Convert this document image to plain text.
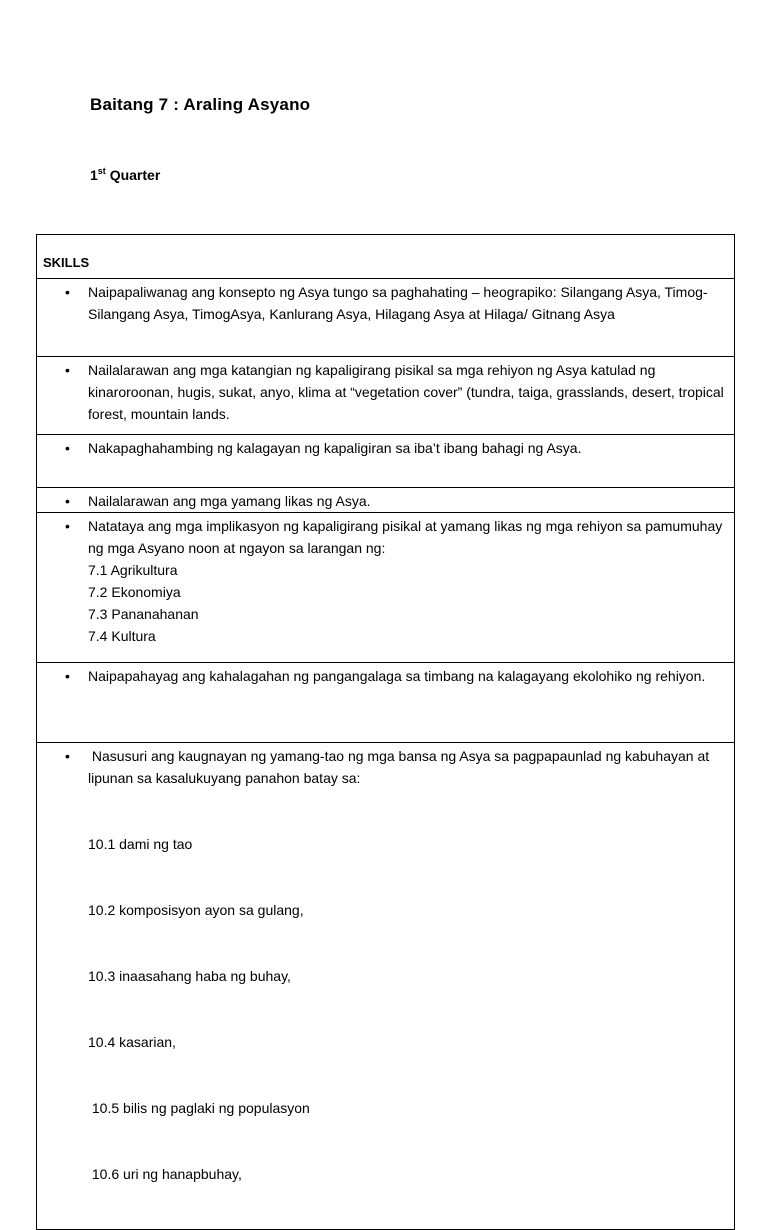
Baitang 7 : Araling Asyano

1st Quarter

SKILLS

• Naipapaliwanag ang konsepto ng Asya tungo sa paghahating – heograpiko: Silangang Asya, Timog-Silangang Asya, TimogAsya, Kanlurang Asya, Hilagang Asya at Hilaga/ Gitnang Asya

• Nailalarawan ang mga katangian ng kapaligirang pisikal sa mga rehiyon ng Asya katulad ng kinaroroonan, hugis, sukat, anyo, klima at “vegetation cover” (tundra, taiga, grasslands, desert, tropical forest, mountain lands.

• Nakapaghahambing ng kalagayan ng kapaligiran sa iba’t ibang bahagi ng Asya.

• Nailalarawan ang mga yamang likas ng Asya.

• Natataya ang mga implikasyon ng kapaligirang pisikal at yamang likas ng mga rehiyon sa pamumuhay ng mga Asyano noon at ngayon sa larangan ng:
7.1 Agrikultura
7.2 Ekonomiya
7.3 Pananahanan
7.4 Kultura

• Naipapahayag ang kahalagahan ng pangangalaga sa timbang na kalagayang ekolohiko ng rehiyon.

• Nasusuri ang kaugnayan ng yamang-tao ng mga bansa ng Asya sa pagpapaunlad ng kabuhayan at lipunan sa kasalukuyang panahon batay sa:

10.1 dami ng tao

10.2 komposisyon ayon sa gulang,

10.3 inaasahang haba ng buhay,

10.4 kasarian,

10.5 bilis ng paglaki ng populasyon

10.6 uri ng hanapbuhay,
